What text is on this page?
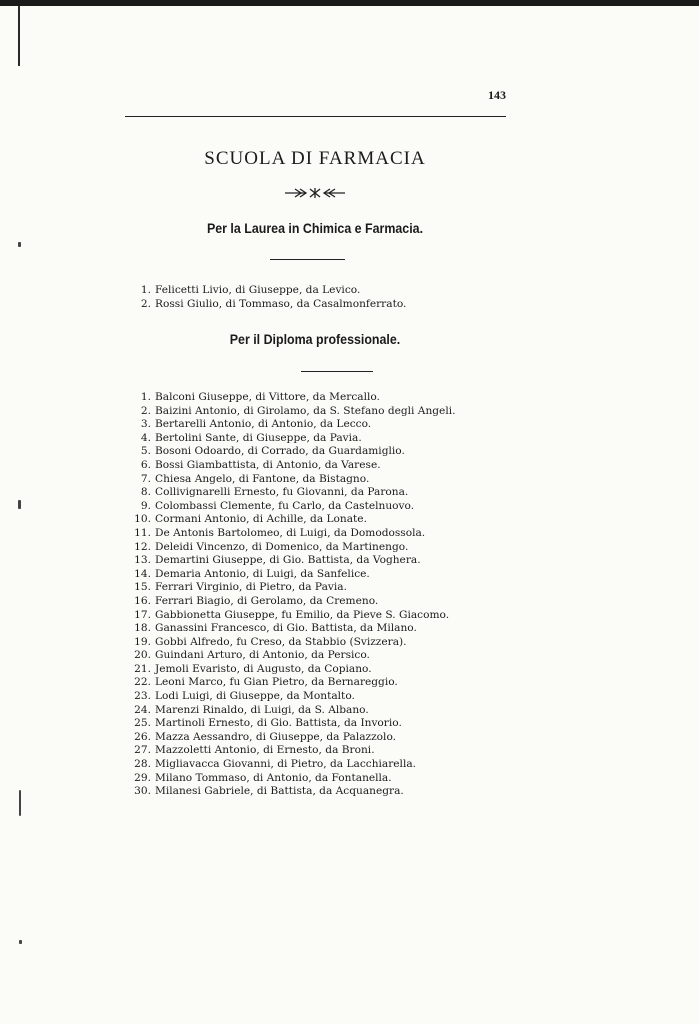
143
SCUOLA DI FARMACIA
Per la Laurea in Chimica e Farmacia.
1. Felicetti Livio, di Giuseppe, da Levico.
2. Rossi Giulio, di Tommaso, da Casalmonferrato.
Per il Diploma professionale.
1. Balconi Giuseppe, di Vittore, da Mercallo.
2. Baizini Antonio, di Girolamo, da S. Stefano degli Angeli.
3. Bertarelli Antonio, di Antonio, da Lecco.
4. Bertolini Sante, di Giuseppe, da Pavia.
5. Bosoni Odoardo, di Corrado, da Guardamiglio.
6. Bossi Giambattista, di Antonio, da Varese.
7. Chiesa Angelo, di Fantone, da Bistagno.
8. Collivignarelli Ernesto, fu Giovanni, da Parona.
9. Colombassi Clemente, fu Carlo, da Castelnuovo.
10. Cormani Antonio, di Achille, da Lonate.
11. De Antonis Bartolomeo, di Luigi, da Domodossola.
12. Deleidi Vincenzo, di Domenico, da Martinengo.
13. Demartini Giuseppe, di Gio. Battista, da Voghera.
14. Demaria Antonio, di Luigi, da Sanfelice.
15. Ferrari Virginio, di Pietro, da Pavia.
16. Ferrari Biagio, di Gerolamo, da Cremeno.
17. Gabbionetta Giuseppe, fu Emilio, da Pieve S. Giacomo.
18. Ganassini Francesco, di Gio. Battista, da Milano.
19. Gobbi Alfredo, fu Creso, da Stabbio (Svizzera).
20. Guindani Arturo, di Antonio, da Persico.
21. Jemoli Evaristo, di Augusto, da Copiano.
22. Leoni Marco, fu Gian Pietro, da Bernareggio.
23. Lodi Luigi, di Giuseppe, da Montalto.
24. Marenzi Rinaldo, di Luigi, da S. Albano.
25. Martinoli Ernesto, di Gio. Battista, da Invorio.
26. Mazza Aessandro, di Giuseppe, da Palazzolo.
27. Mazzoletti Antonio, di Ernesto, da Broni.
28. Migliavacca Giovanni, di Pietro, da Lacchiarella.
29. Milano Tommaso, di Antonio, da Fontanella.
30. Milanesi Gabriele, di Battista, da Acquanegra.
